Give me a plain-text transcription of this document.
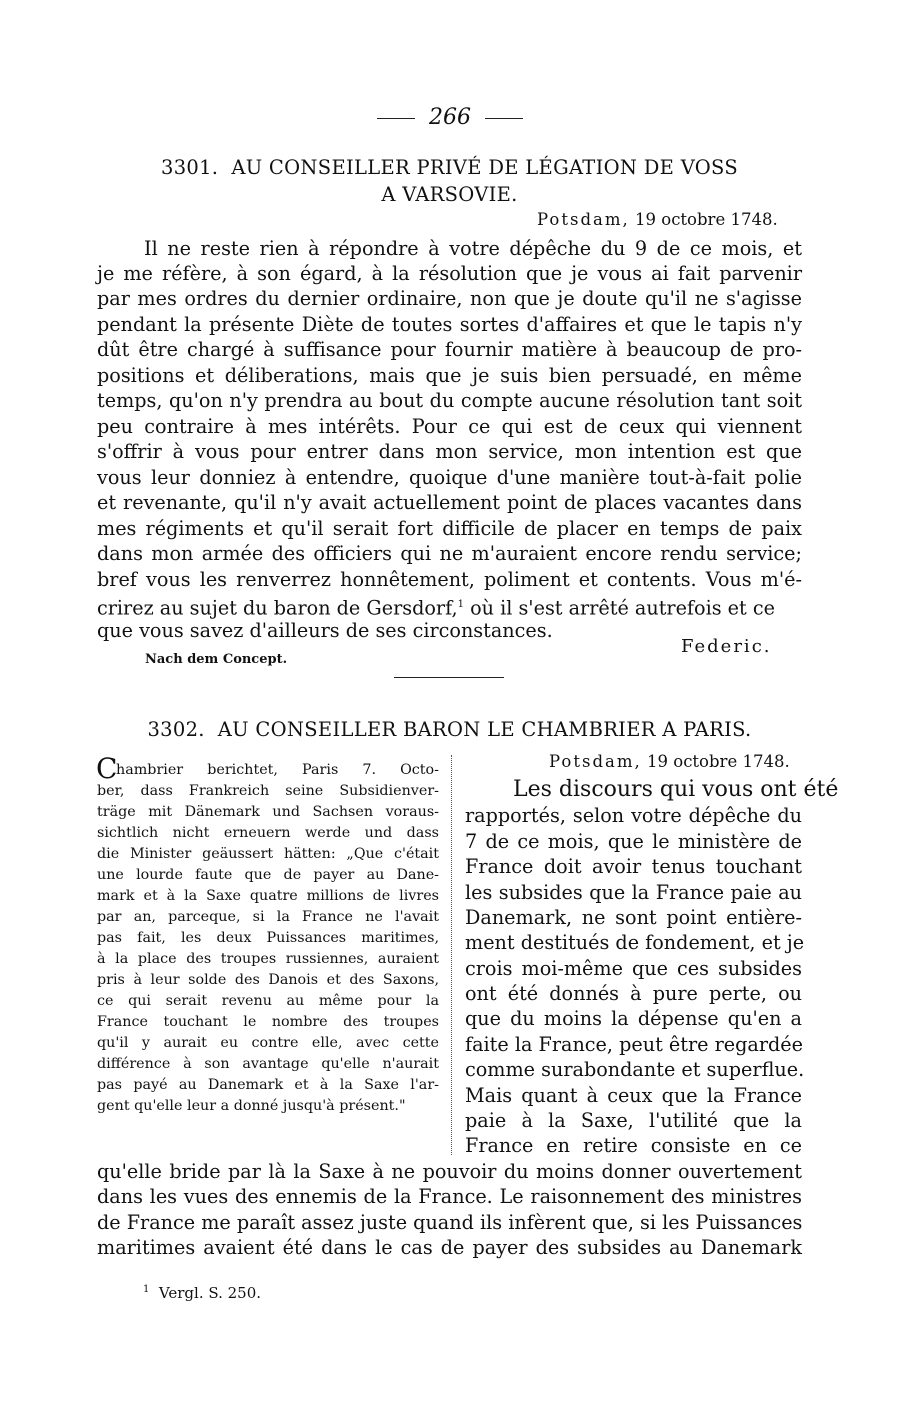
266
3301. AU CONSEILLER PRIVÉ DE LÉGATION DE VOSS
A VARSOVIE.
Potsdam, 19 octobre 1748.
Il ne reste rien à répondre à votre dépêche du 9 de ce mois, et
je me réfère, à son égard, à la résolution que je vous ai fait parvenir
par mes ordres du dernier ordinaire, non que je doute qu'il ne s'agisse
pendant la présente Diète de toutes sortes d'affaires et que le tapis n'y
dût être chargé à suffisance pour fournir matière à beaucoup de pro-
positions et déliberations, mais que je suis bien persuadé, en même
temps, qu'on n'y prendra au bout du compte aucune résolution tant soit
peu contraire à mes intérêts. Pour ce qui est de ceux qui viennent
s'offrir à vous pour entrer dans mon service, mon intention est que
vous leur donniez à entendre, quoique d'une manière tout-à-fait polie
et revenante, qu'il n'y avait actuellement point de places vacantes dans
mes régiments et qu'il serait fort difficile de placer en temps de paix
dans mon armée des officiers qui ne m'auraient encore rendu service;
bref vous les renverrez honnêtement, poliment et contents. Vous m'é-
crirez au sujet du baron de Gersdorf,$^1$ où il s'est arrêté autrefois et ce
que vous savez d'ailleurs de ses circonstances.
Federic.
Nach dem Concept.
3302. AU CONSEILLER BARON LE CHAMBRIER A PARIS.
Potsdam, 19 octobre 1748.
C
hambrier berichtet, Paris 7. Octo-
ber, dass Frankreich seine Subsidienver-
träge mit Dänemark und Sachsen voraus-
sichtlich nicht erneuern werde und dass
die Minister geäussert hätten: „Que c'était
une lourde faute que de payer au Dane-
mark et à la Saxe quatre millions de livres
par an, parceque, si la France ne l'avait
pas fait, les deux Puissances maritimes,
à la place des troupes russiennes, auraient
pris à leur solde des Danois et des Saxons,
ce qui serait revenu au même pour la
France touchant le nombre des troupes
qu'il y aurait eu contre elle, avec cette
différence à son avantage qu'elle n'aurait
pas payé au Danemark et à la Saxe l'ar-
gent qu'elle leur a donné jusqu'à présent."
Les discours qui vous ont été
rapportés, selon votre dépêche du
7 de ce mois, que le ministère de
France doit avoir tenus touchant
les subsides que la France paie au
Danemark, ne sont point entière-
ment destitués de fondement, et je
crois moi-même que ces subsides
ont été donnés à pure perte, ou
que du moins la dépense qu'en a
faite la France, peut être regardée
comme surabondante et superflue.
Mais quant à ceux que la France
paie à la Saxe, l'utilité que la
France en retire consiste en ce
qu'elle bride par là la Saxe à ne pouvoir du moins donner ouvertement
dans les vues des ennemis de la France. Le raisonnement des ministres
de France me paraît assez juste quand ils infèrent que, si les Puissances
maritimes avaient été dans le cas de payer des subsides au Danemark
$^1$ Vergl. S. 250.
